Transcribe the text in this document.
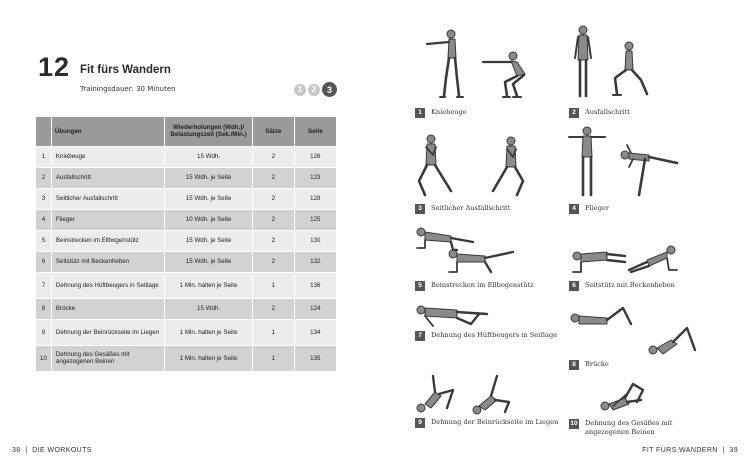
12 Fit fürs Wandern
Trainingsdauer: 30 Minuten	1	2	3
	Übungen	Wiederholungen (Wdh.)/ Belastungszeit (Sek./Min.)	Sätze	Seite
1	Kniebeuge	15 Wdh.	2	126
2	Ausfallschritt	15 Wdh. je Seite	2	123
3	Seitlicher Ausfallschritt	15 Wdh. je Seite	2	128
4	Flieger	10 Wdh. je Seite	2	125
5	Beinstrecken im Ellbogenstütz	15 Wdh. je Seite	2	130
6	Seitstütz mit Beckenheben	15 Wdh. je Seite	2	132
7	Dehnung des Hüftbeugers in Seitlage	1 Min. halten je Seite	1	136
8	Brücke	15 Wdh.	2	124
9	Dehnung der Beinrückseite im Liegen	1 Min. halten je Seite	1	134
10	Dehnung des Gesäßes mit angezogenen Beinen	1 Min. halten je Seite	1	135
38  |  DIE WORKOUTS
1	Kniebeuge	2	Ausfallschritt
3	Seitlicher Ausfallschritt	4	Flieger
5	Beinstrecken im Ellbogenstütz	6	Seitstütz mit Beckenheben
7	Dehnung des Hüftbeugers in Seitlage
8	Brücke
9	Dehnung der Beinrückseite im Liegen 10 Dehnung des Gesäßes mit angezogenen Beinen
FIT FÜRS WANDERN  |  39
